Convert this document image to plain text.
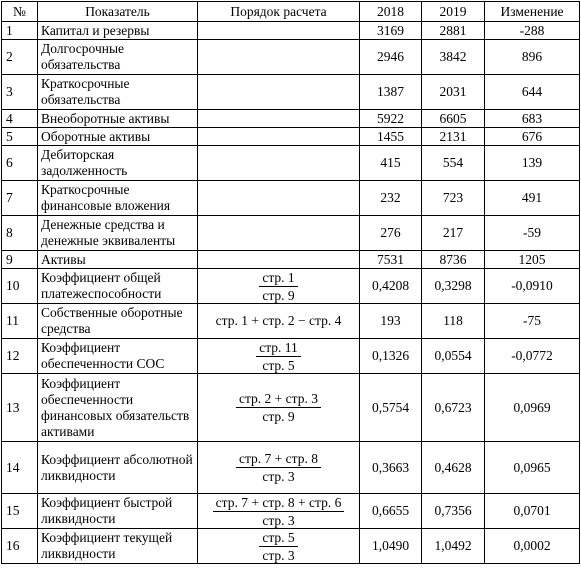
№	Показатель	Порядок расчета	2018	2019	Изменение
1	Капитал и резервы		3169	2881	-288
2	Долгосрочные обязательства		2946	3842	896
3	Краткосрочные обязательства		1387	2031	644
4	Внеоборотные активы		5922	6605	683
5	Оборотные активы		1455	2131	676
6	Дебиторская задолженность		415	554	139
7	Краткосрочные финансовые вложения		232	723	491
8	Денежные средства и денежные эквиваленты		276	217	-59
9	Активы		7531	8736	1205
10	Коэффициент общей платежеспособности	$\frac{\text{стр. 1}}{\text{стр. 9}}$	0,4208	0,3298	-0,0910
11	Собственные оборотные средства	стр. 1 + стр. 2 − стр. 4	193	118	-75
12	Коэффициент обеспеченности СОС	$\frac{\text{стр. 11}}{\text{стр. 5}}$	0,1326	0,0554	-0,0772
13	Коэффициент обеспеченности финансовых обязательств активами	$\frac{\text{стр. 2 + стр. 3}}{\text{стр. 9}}$	0,5754	0,6723	0,0969
14	Коэффициент абсолютной ликвидности	$\frac{\text{стр. 7 + стр. 8}}{\text{стр. 3}}$	0,3663	0,4628	0,0965
15	Коэффициент быстрой ликвидности	$\frac{\text{стр. 7 + стр. 8 + стр. 6}}{\text{стр. 3}}$	0,6655	0,7356	0,0701
16	Коэффициент текущей ликвидности	$\frac{\text{стр. 5}}{\text{стр. 3}}$	1,0490	1,0492	0,0002
